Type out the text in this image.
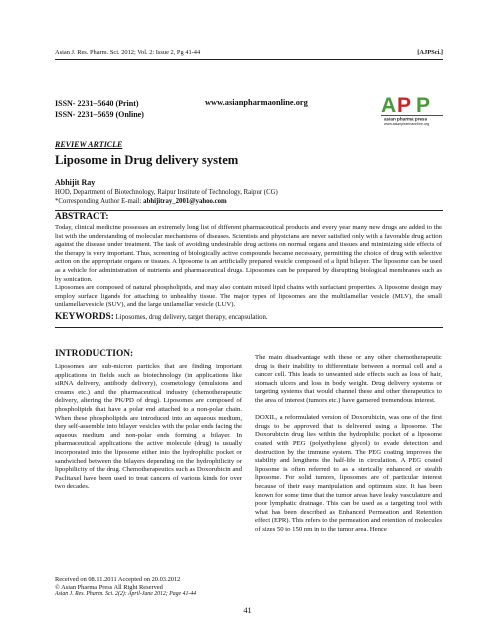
Asian J. Res. Pharm. Sci. 2012; Vol. 2: Issue 2, Pg 41-44	[AJPSci.]
ISSN- 2231–5640 (Print)
ISSN- 2231–5659 (Online)
www.asianpharmaonline.org	A P P
asian pharma press
www.asianpharmaonline.org
REVIEW ARTICLE
Liposome in Drug delivery system
Abhijit Ray
HOD, Department of Biotechnology, Raipur Institute of Technology, Raipur (CG)
*Corresponding Author E-mail: abhijitray_2001@yahoo.com
ABSTRACT:

Today, clinical medicine possesses an extremely long list of different pharmaceutical products and every year many new drugs are added to the list with the understanding of molecular mechanisms of diseases. Scientists and physicians are never satisfied only with a favorable drug action against the disease under treatment. The task of avoiding undesirable drug actions on normal organs and tissues and minimizing side effects of the therapy is very important. Thus, screening of biologically active compounds became necessary, permitting the choice of drug with selective action on the appropriate organs or tissues. A liposome is an artificially prepared vesicle composed of a lipid bilayer. The liposome can be used as a vehicle for administration of nutrients and pharmaceutical drugs. Liposomes can be prepared by disrupting biological membranes such as by sonication.

Liposomes are composed of natural phospholipids, and may also contain mixed lipid chains with surfactant properties. A liposome design may employ surface ligands for attaching to unhealthy tissue. The major types of liposomes are the multilamellar vesicle (MLV), the small unilamellarvesicle (SUV), and the large unilamellar vesicle (LUV).

KEYWORDS: Liposomes, drug delivery, target therapy, encapsulation.
INTRODUCTION:

Liposomes are sub-micron particles that are finding important applications in fields such as biotechnology (in applications like siRNA delivery, antibody delivery), cosmetology (emulsions and creams etc.) and the pharmaceutical industry (chemotherapeutic delivery, altering the PK/PD of drug). Liposomes are composed of phospholipids that have a polar end attached to a non-polar chain. When these phospholipids are introduced into an aqueous medium, they self-assemble into bilayer vesicles with the polar ends facing the aqueous medium and non-polar ends forming a bilayer. In pharmaceutical applications the active molecule (drug) is usually incorporated into the liposome either into the hydrophilic pocket or sandwiched between the bilayers depending on the hydrophilicity or lipophilicity of the drug. Chemotherapeutics such as Doxorubicin and Paclitaxel have been used to treat cancers of various kinds for over two decades.

The main disadvantage with these or any other chemotherapeutic drug is their inability to differentiate between a normal cell and a cancer cell. This leads to unwanted side effects such as loss of hair, stomach ulcers and loss in body weight. Drug delivery systems or targeting systems that would channel these and other therapeutics to the area of interest (tumors etc.) have garnered tremendous interest.

DOXIL, a reformulated version of Doxorubicin, was one of the first drugs to be approved that is delivered using a liposome. The Doxorubicin drug lies within the hydrophilic pocket of a liposome coated with PEG (polyethylene glycol) to evade detection and destruction by the immune system. The PEG coating improves the stability and lengthens the half-life in circulation. A PEG coated liposome is often referred to as a sterically enhanced or stealth liposome. For solid tumors, liposomes are of particular interest because of their easy manipulation and optimum size. It has been known for some time that the tumor areas have leaky vasculature and poor lymphatic drainage. This can be used as a targeting tool with what has been described as Enhanced Permeation and Retention effect (EPR). This refers to the permeation and retention of molecules of sizes 50 to 150 nm in to the tumor area. Hence

Received on 08.11.2011 Accepted on 20.03.2012
© Asian Pharma Press All Right Reserved
Asian J. Res. Pharm. Sci. 2(2): April-June 2012; Page 41-44
41
